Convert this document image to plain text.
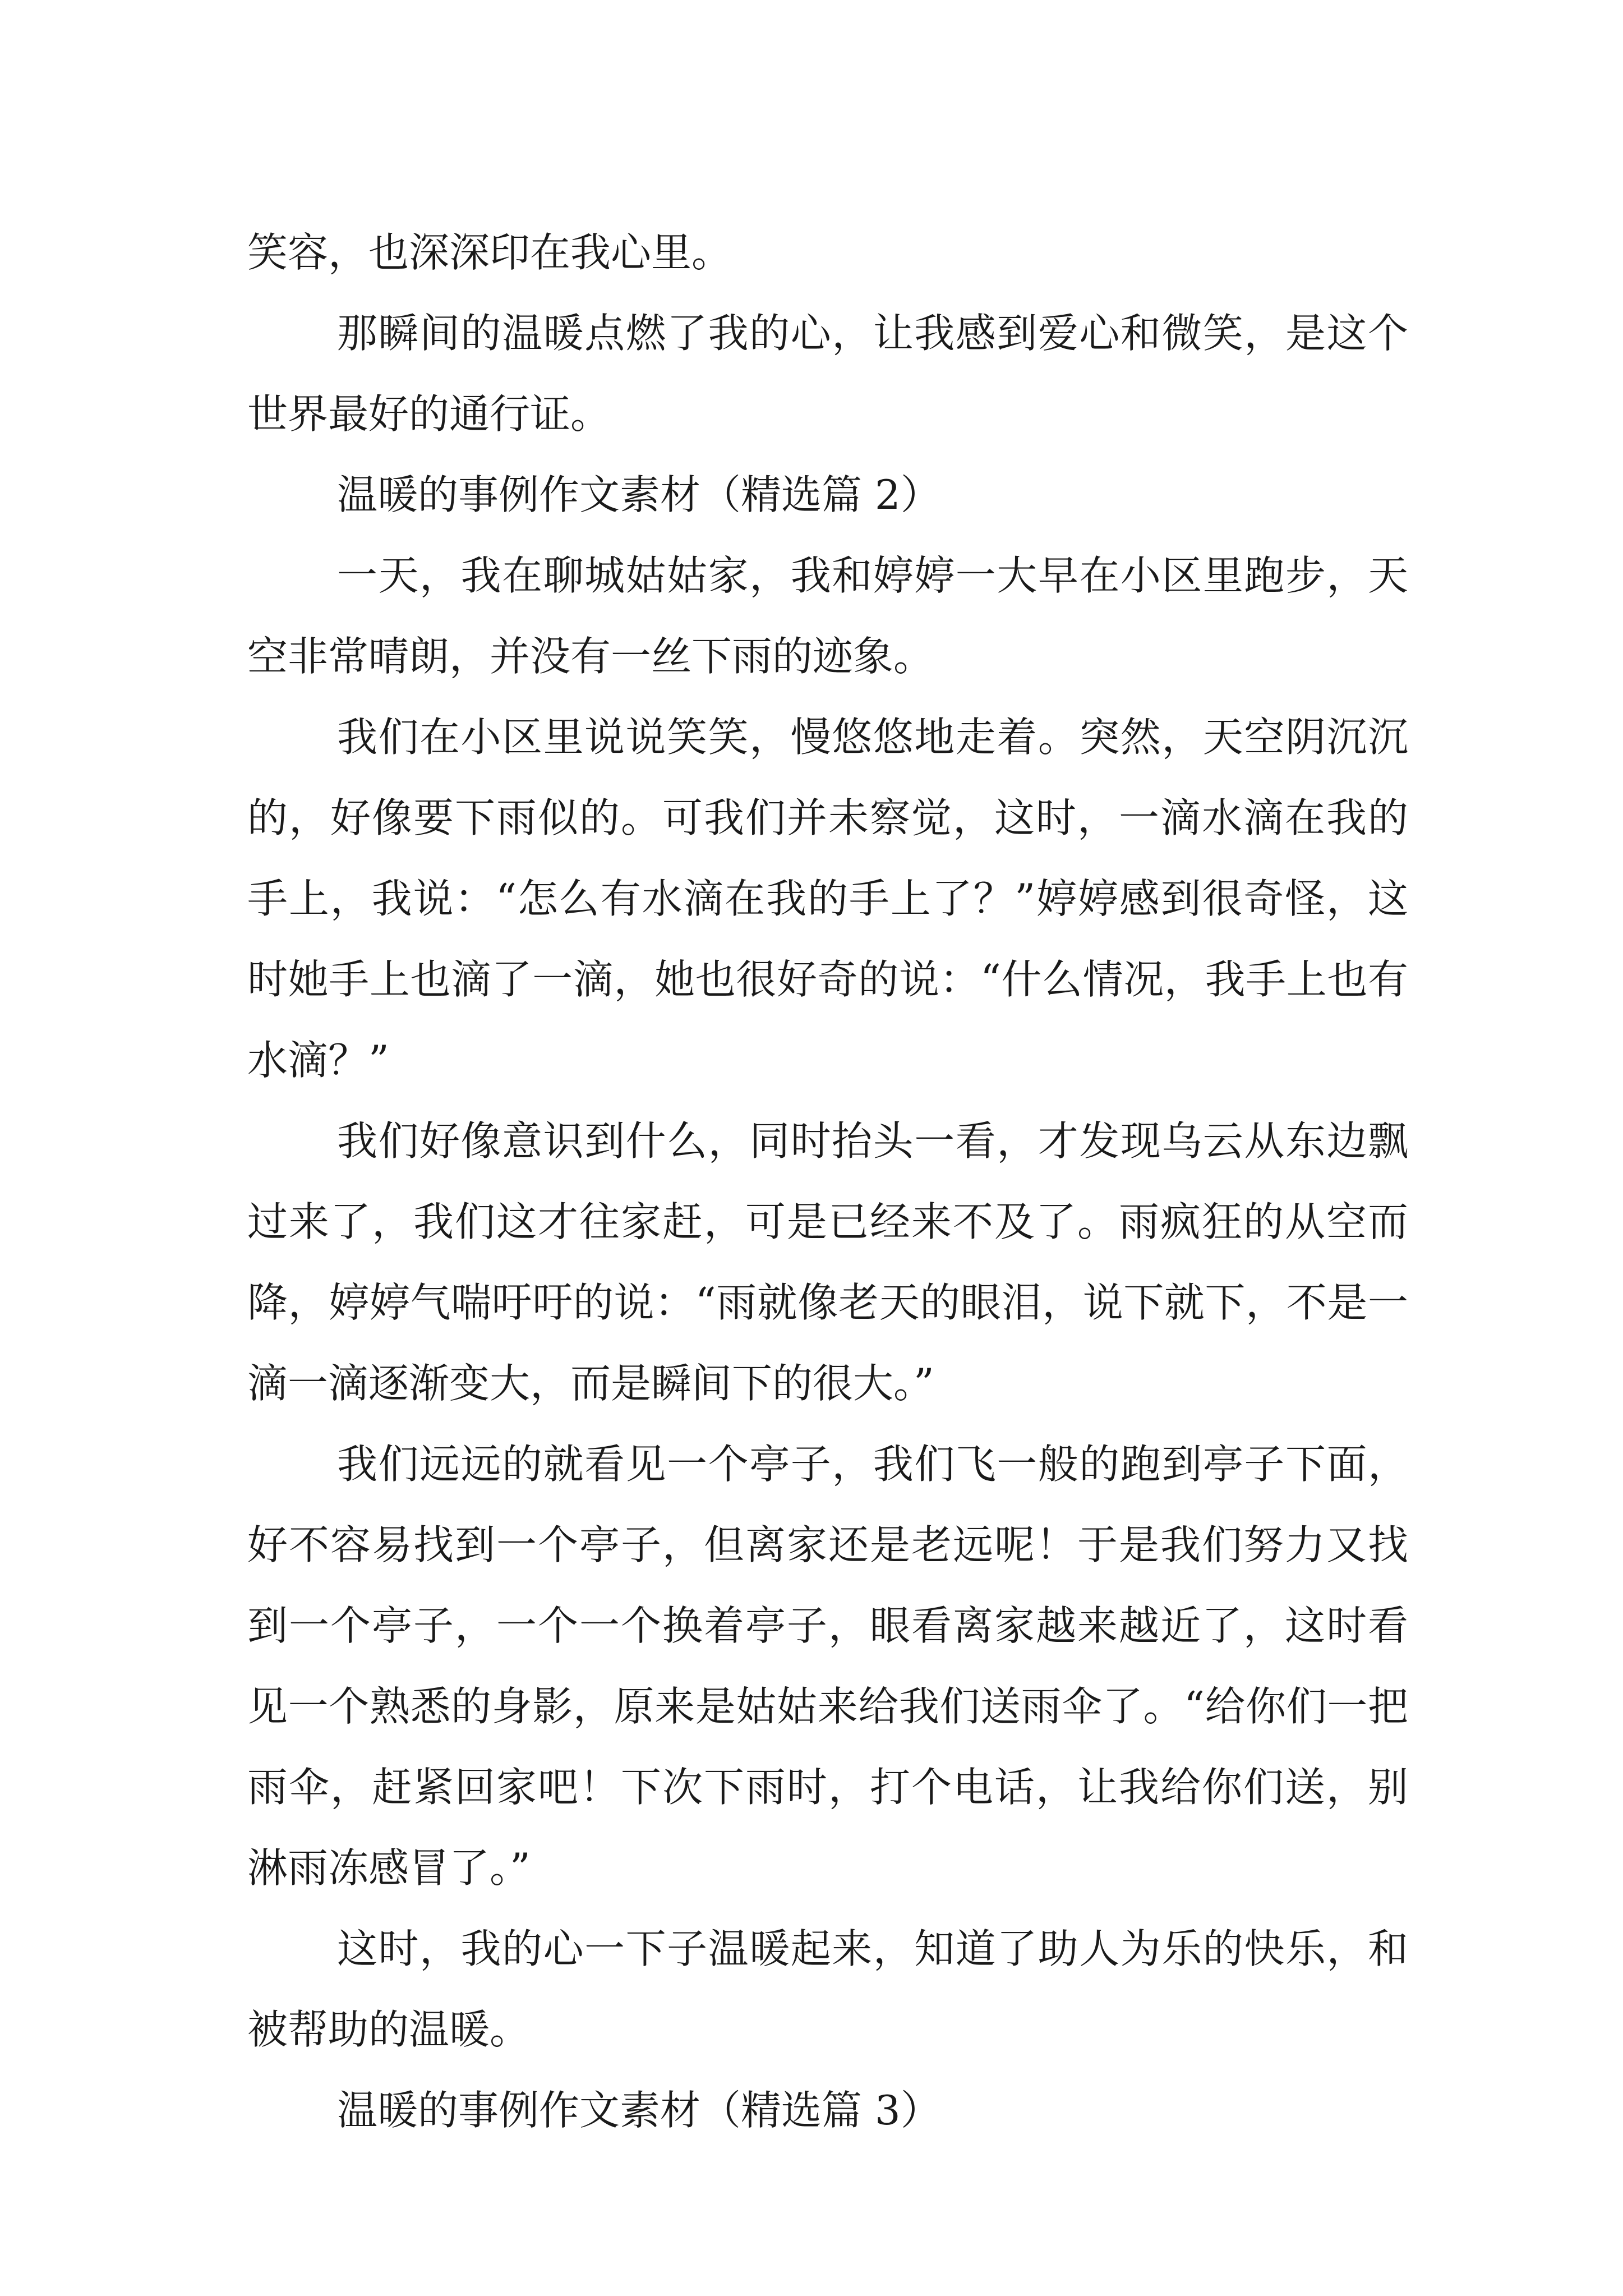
笑容，也深深印在我心里。

那瞬间的温暖点燃了我的心，让我感到爱心和微笑，是这个世界最好的通行证。

温暖的事例作文素材（精选篇 2）

一天，我在聊城姑姑家，我和婷婷一大早在小区里跑步，天空非常晴朗，并没有一丝下雨的迹象。

我们在小区里说说笑笑，慢悠悠地走着。突然，天空阴沉沉的，好像要下雨似的。可我们并未察觉，这时，一滴水滴在我的手上，我说：“怎么有水滴在我的手上了？”婷婷感到很奇怪，这时她手上也滴了一滴，她也很好奇的说：“什么情况，我手上也有水滴？”

我们好像意识到什么，同时抬头一看，才发现乌云从东边飘过来了，我们这才往家赶，可是已经来不及了。雨疯狂的从空而降，婷婷气喘吁吁的说：“雨就像老天的眼泪，说下就下，不是一滴一滴逐渐变大，而是瞬间下的很大。”

我们远远的就看见一个亭子，我们飞一般的跑到亭子下面，好不容易找到一个亭子，但离家还是老远呢！于是我们努力又找到一个亭子，一个一个换着亭子，眼看离家越来越近了，这时看见一个熟悉的身影，原来是姑姑来给我们送雨伞了。“给你们一把雨伞，赶紧回家吧！下次下雨时，打个电话，让我给你们送，别淋雨冻感冒了。”

这时，我的心一下子温暖起来，知道了助人为乐的快乐，和被帮助的温暖。

温暖的事例作文素材（精选篇 3）
